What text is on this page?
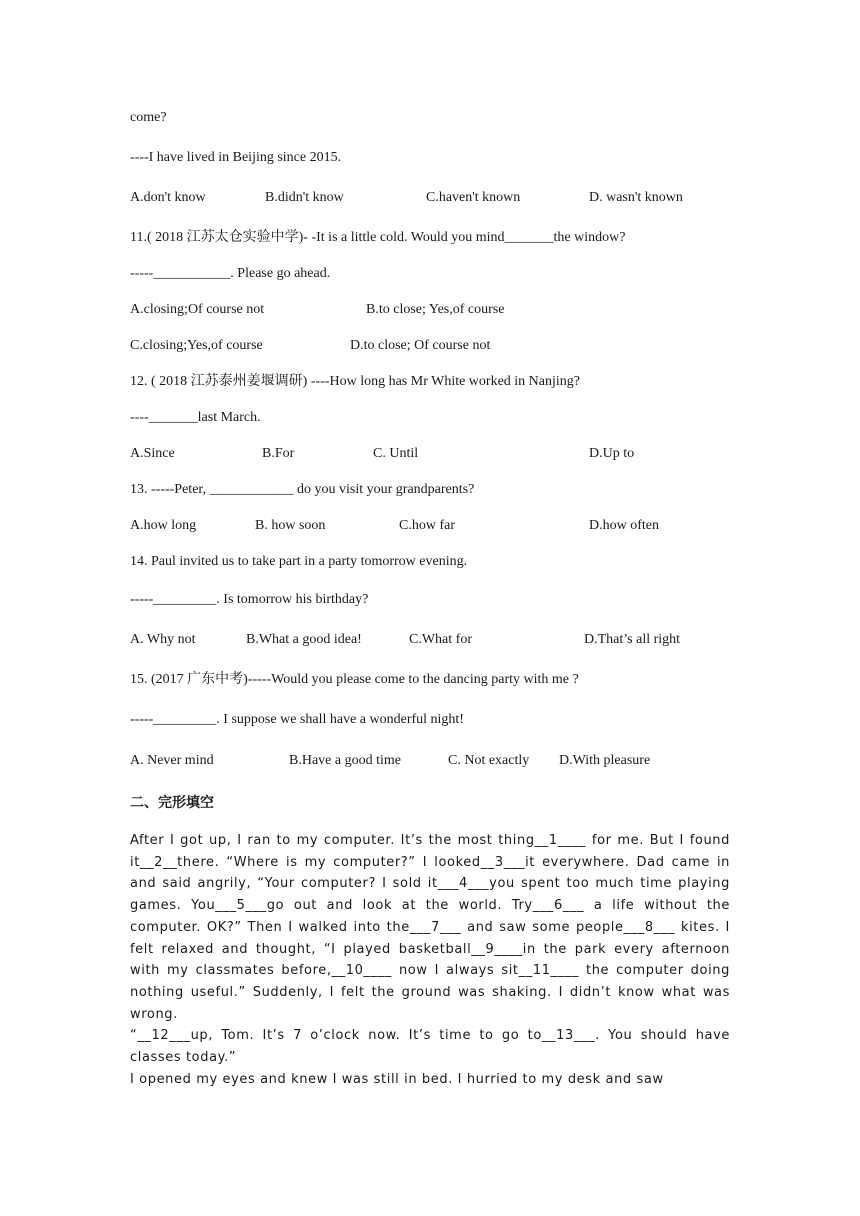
come?
----I have lived in Beijing since 2015.
A.don't know	B.didn't know	C.haven't known	D. wasn't known
11.( 2018 江苏太仓实验中学)- -It is a little cold. Would you mind_______the window?
-----___________. Please go ahead.
A.closing;Of course not	B.to close; Yes,of course
C.closing;Yes,of course	D.to close; Of course not
12. ( 2018 江苏泰州姜堰调研) ----How long has Mr White worked in Nanjing?
----_______last March.
A.Since	B.For	C. Until	D.Up to
13. -----Peter, ____________ do you visit your grandparents?
A.how long	B. how soon	C.how far	D.how often
14. Paul invited us to take part in a party tomorrow evening.
-----_________. Is tomorrow his birthday?
A. Why not	B.What a good idea!	C.What for	D.That’s all right
15. (2017 广东中考)-----Would you please come to the dancing party with me ?
-----_________. I suppose we shall have a wonderful night!
A. Never mind	B.Have a good time	C. Not exactly D.With pleasure
二、完形填空

After I got up, I ran to my computer. It’s the most thing__1____ for me. But I found it__2__there. “Where is my computer?” I looked__3___it everywhere. Dad came in and said angrily, “Your computer? I sold it___4___you spent too much time playing games. You___5___go out and look at the world. Try___6___ a life without the computer. OK?” Then I walked into the___7___ and saw some people___8___ kites. I felt relaxed and thought, “I played basketball__9____in the park every afternoon with my classmates before,__10____ now I always sit__11____ the computer doing nothing useful.” Suddenly, I felt the ground was shaking. I didn’t know what was wrong.

“__12___up, Tom. It’s 7 o’clock now. It’s time to go to__13___. You should have classes today.”

I opened my eyes and knew I was still in bed. I hurried to my desk and saw
